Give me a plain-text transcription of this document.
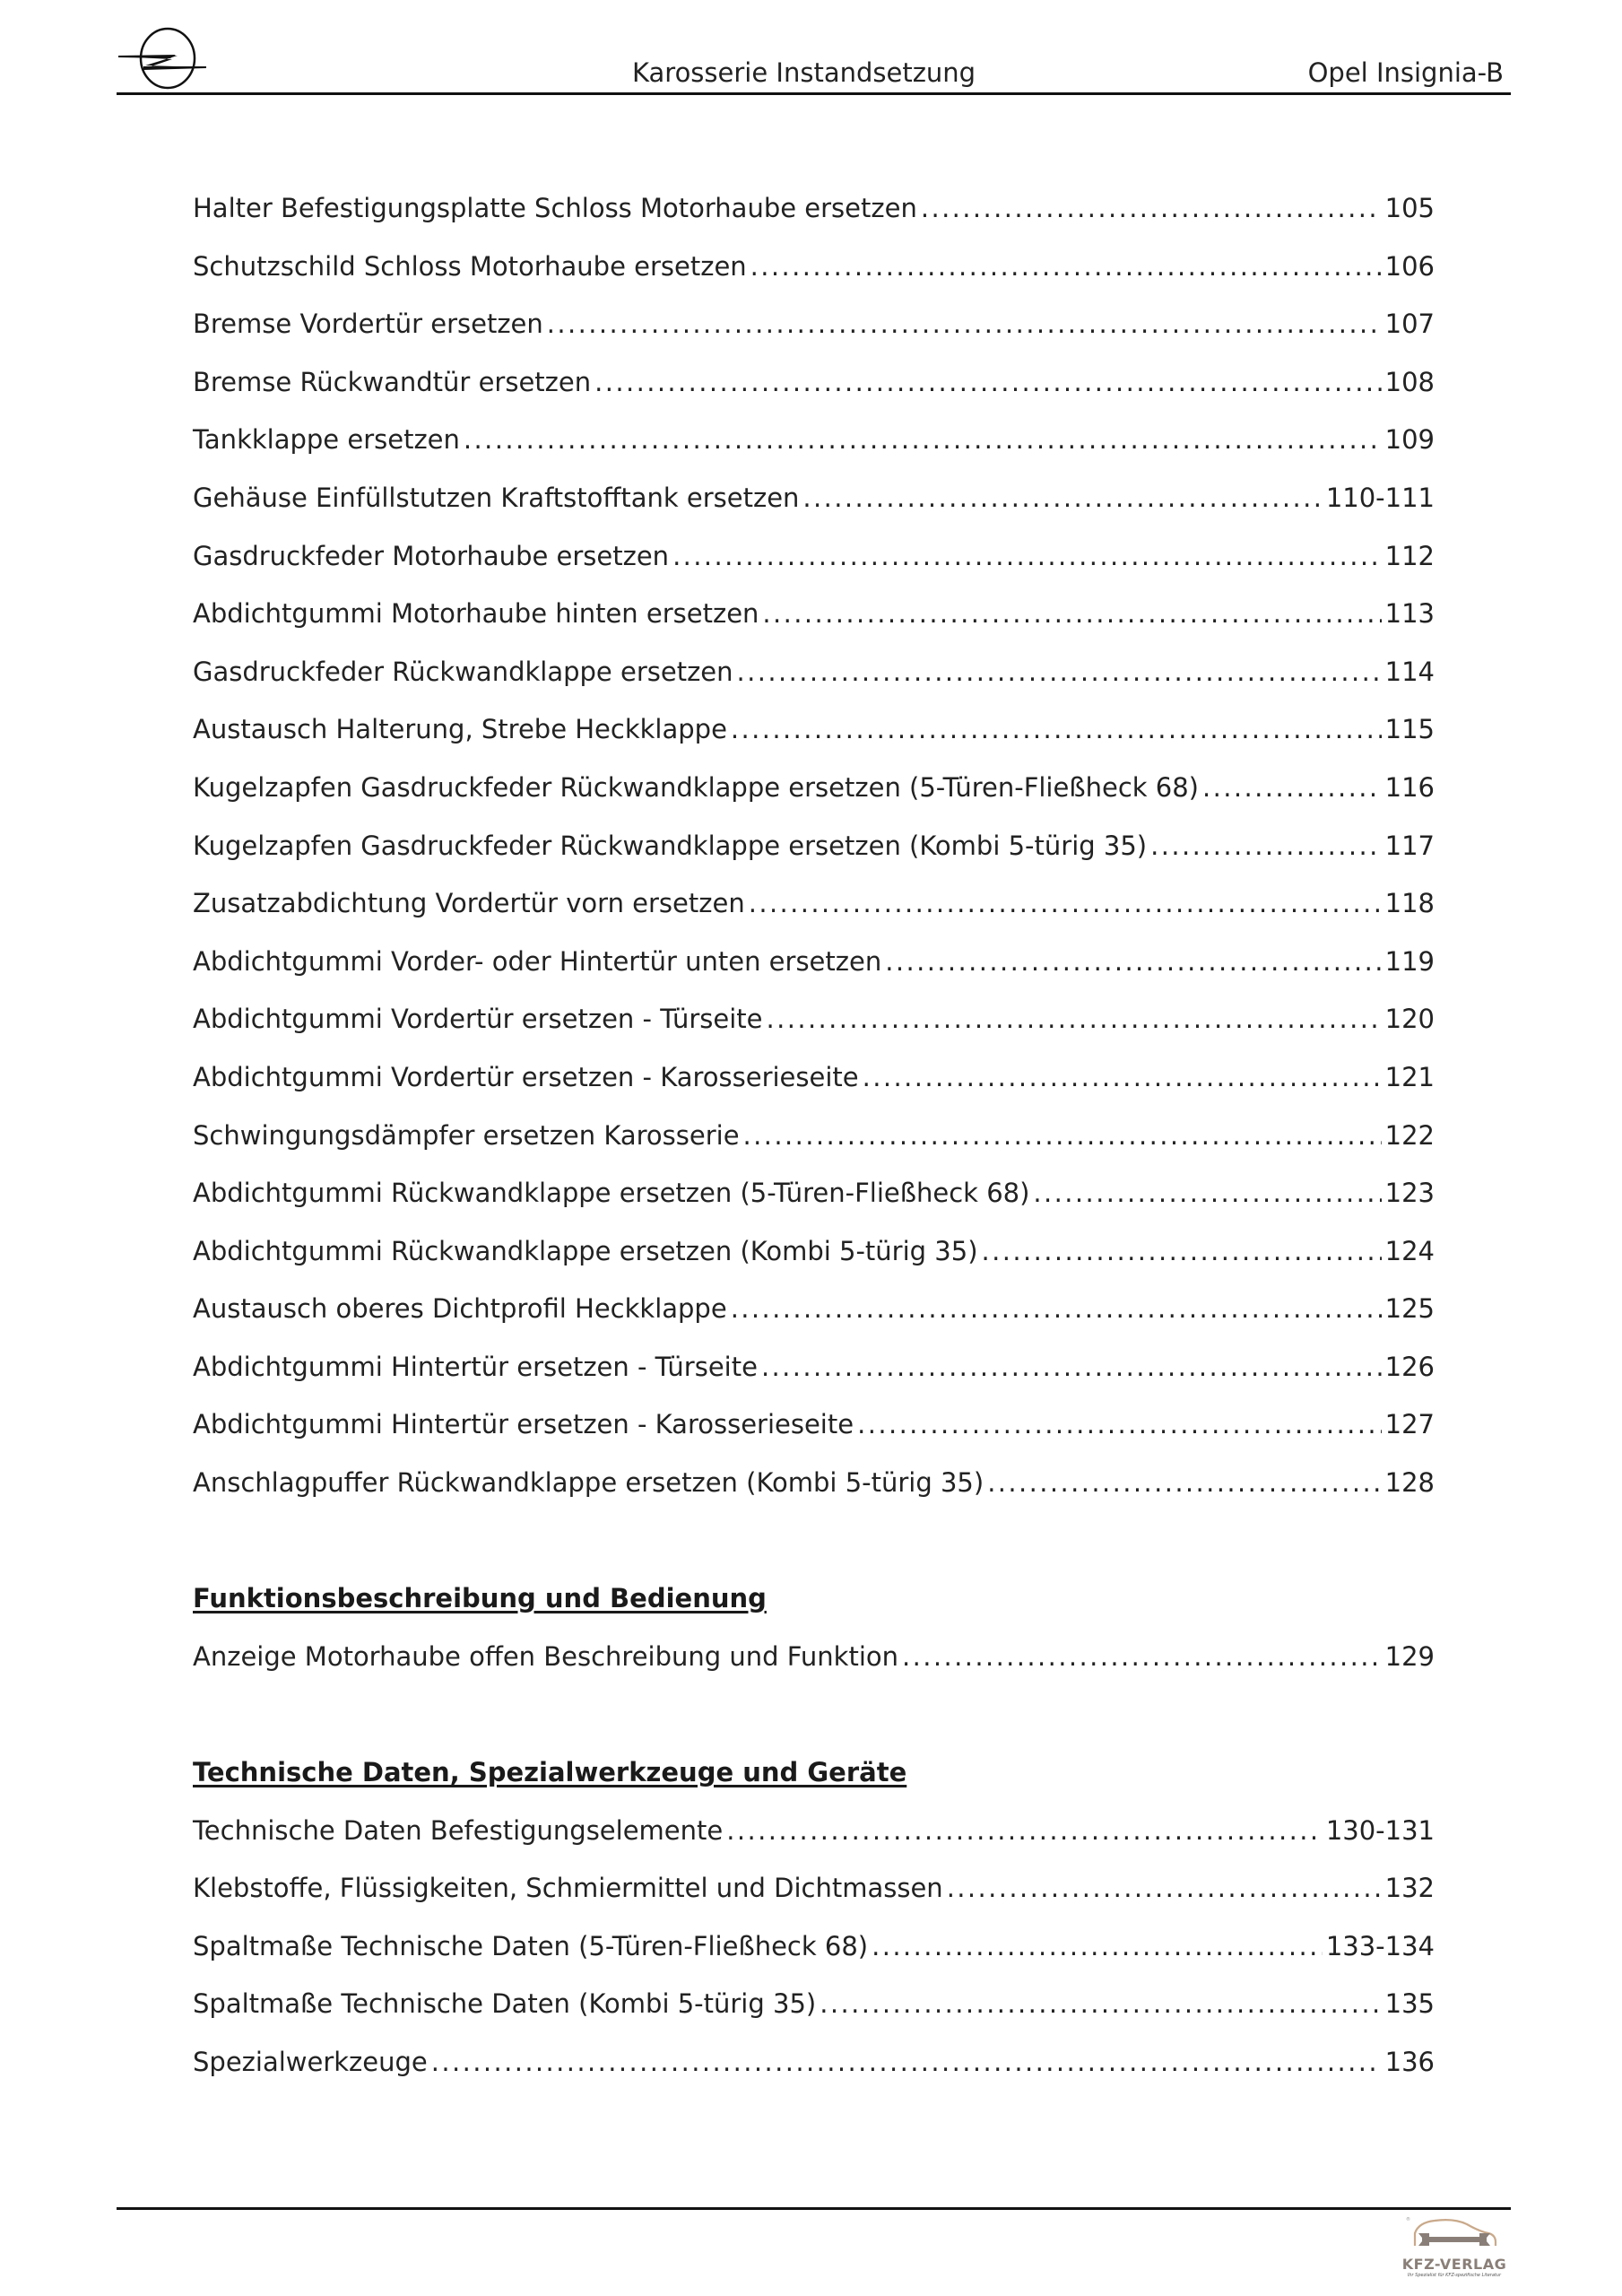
Karosserie Instandsetzung	Opel Insignia-B
Halter Befestigungsplatte Schloss Motorhaube ersetzen .....	105
Schutzschild Schloss Motorhaube ersetzen .....	106
Bremse Vordertür ersetzen .....	107
Bremse Rückwandtür ersetzen .....	108
Tankklappe ersetzen .....	109
Gehäuse Einfüllstutzen Kraftstofftank ersetzen .....	110-111
Gasdruckfeder Motorhaube ersetzen .....	112
Abdichtgummi Motorhaube hinten ersetzen .....	113
Gasdruckfeder Rückwandklappe ersetzen .....	114
Austausch Halterung, Strebe Heckklappe .....	115
Kugelzapfen Gasdruckfeder Rückwandklappe ersetzen (5-Türen-Fließheck 68) .....	116
Kugelzapfen Gasdruckfeder Rückwandklappe ersetzen (Kombi 5-türig 35) .....	117
Zusatzabdichtung Vordertür vorn ersetzen .....	118
Abdichtgummi Vorder- oder Hintertür unten ersetzen .....	119
Abdichtgummi Vordertür ersetzen - Türseite .....	120
Abdichtgummi Vordertür ersetzen - Karosserieseite .....	121
Schwingungsdämpfer ersetzen Karosserie .....	122
Abdichtgummi Rückwandklappe ersetzen (5-Türen-Fließheck 68) .....	123
Abdichtgummi Rückwandklappe ersetzen (Kombi 5-türig 35) .....	124
Austausch oberes Dichtprofil Heckklappe .....	125
Abdichtgummi Hintertür ersetzen - Türseite .....	126
Abdichtgummi Hintertür ersetzen - Karosserieseite .....	127
Anschlagpuffer Rückwandklappe ersetzen (Kombi 5-türig 35) .....	128
Funktionsbeschreibung und Bedienung
Anzeige Motorhaube offen Beschreibung und Funktion .....	129
Technische Daten, Spezialwerkzeuge und Geräte
Technische Daten Befestigungselemente .....	130-131
Klebstoffe, Flüssigkeiten, Schmiermittel und Dichtmassen .....	132
Spaltmaße Technische Daten (5-Türen-Fließheck 68) .....	133-134
Spaltmaße Technische Daten (Kombi 5-türig 35) .....	135
Spezialwerkzeuge .....	136
®
KFZ-VERLAG
Ihr Spezialist für KFZ-spezifische Literatur
